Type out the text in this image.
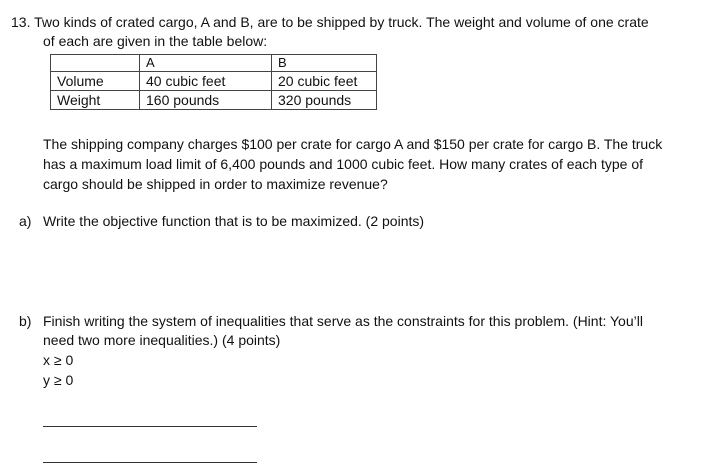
13. Two kinds of crated cargo, A and B, are to be shipped by truck. The weight and volume of one crate
of each are given in the table below:
	A	B
Volume	40 cubic feet	20 cubic feet
Weight	160 pounds	320 pounds
The shipping company charges $100 per crate for cargo A and $150 per crate for cargo B. The truck
has a maximum load limit of 6,400 pounds and 1000 cubic feet. How many crates of each type of
cargo should be shipped in order to maximize revenue?
a) Write the objective function that is to be maximized. (2 points)
b) Finish writing the system of inequalities that serve as the constraints for this problem. (Hint: You’ll
need two more inequalities.) (4 points)
x ≥ 0
y ≥ 0
